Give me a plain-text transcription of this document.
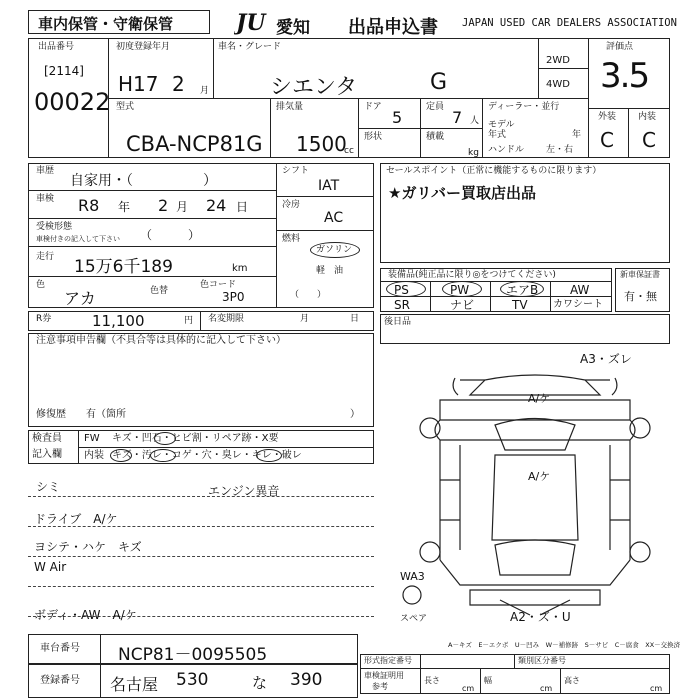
車内保管・守衛保管	JU 愛知 出品申込書 JAPAN USED CAR DEALERS ASSOCIATION
出品番号
[2114]
00022
初度登録年月
H17 2 月
車名・グレード
シエンタ	G
2WD
4WD
評価点
3.5
外装 内装
C C
型式
CBA-NCP81G
排気量
1500
cc
ドア
5
形状
定員
7 人
積載
kg
ディーラー・並行
モデル
年式	年
ハンドル 左・右
車歴
自家用・（　　　　　）
車検 R8 年 2 月 24 日
受検形態
車検付きの記入して下さい （　　　）
走行 15万6千189	km
色
アカ	色替
色コード
3P0
シフト
IAT
冷房
AC
燃料
ガソリン
軽　油
（　　）
セールスポイント（正常に機能するものに限ります）
★ガリバー買取店出品
装備品(純正品に限り◎をつけてください)
PS	PW	エアB	AW
SR	ナビ	TV	カワシート
新車保証書
有・無
R券	11,100	円 名変期限	月	日
注意事項申告欄（不具合等は具体的に記入して下さい）
修復歴　　有（箇所	）
後日品
検査員
記入欄
FW キズ・凹石・ヒビ割・リペア跡・X要
内装 キズ・汚レ・コゲ・穴・臭レ・キレ・破レ
シミ	エンジン異音
ドライブ　A/ケ
ヨシテ・ハケ　キズ
W Air
ボディ・AW　A/ケ
A3・ズレ
A/ケ
A/ケ
WA3
A2・ズ・U
スペア
A－キズ　E－エクボ　U－凹み　W－補修跡　S－サビ　C－腐食　XX－交換済
車台番号 NCP81－0095505
登録番号 名古屋 530	な 390
形式指定番号	類別区分番号
車検証明用
参考
長さ
cm
幅
cm
高さ
cm
